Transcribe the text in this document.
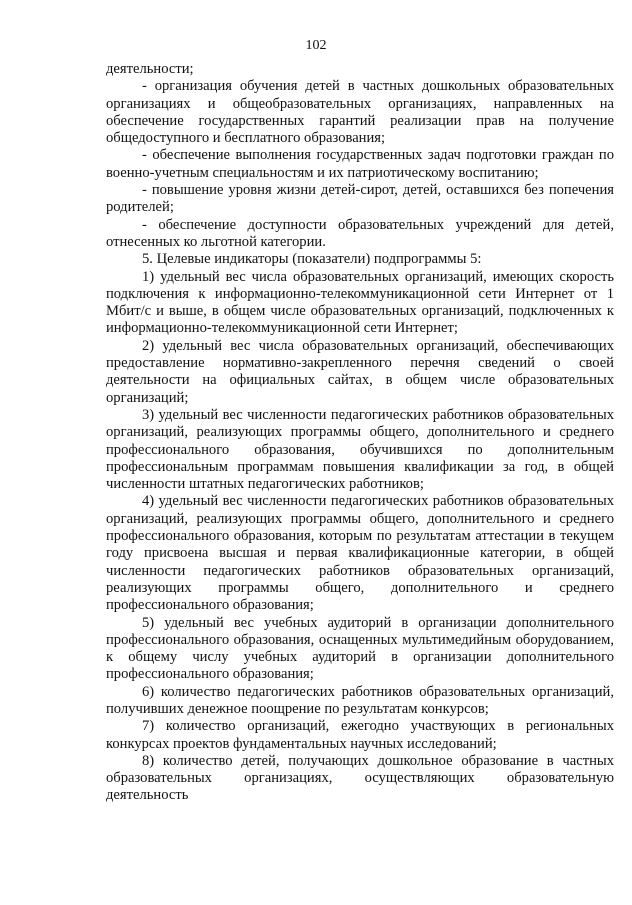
102

деятельности;

- организация обучения детей в частных дошкольных образовательных организациях и общеобразовательных организациях, направленных на обеспечение государственных гарантий реализации прав на получение общедоступного и бесплатного образования;

- обеспечение выполнения государственных задач подготовки граждан по военно-учетным специальностям и их патриотическому воспитанию;

- повышение уровня жизни детей-сирот, детей, оставшихся без попечения родителей;

- обеспечение доступности образовательных учреждений для детей, отнесенных ко льготной категории.

5. Целевые индикаторы (показатели) подпрограммы 5:

1) удельный вес числа образовательных организаций, имеющих скорость подключения к информационно-телекоммуникационной сети Интернет от 1 Мбит/с и выше, в общем числе образовательных организаций, подключенных к информационно-телекоммуникационной сети Интернет;

2) удельный вес числа образовательных организаций, обеспечивающих предоставление нормативно-закрепленного перечня сведений о своей деятельности на официальных сайтах, в общем числе образовательных организаций;

3) удельный вес численности педагогических работников образовательных организаций, реализующих программы общего, дополнительного и среднего профессионального образования, обучившихся по дополнительным профессиональным программам повышения квалификации за год, в общей численности штатных педагогических работников;

4) удельный вес численности педагогических работников образовательных организаций, реализующих программы общего, дополнительного и среднего профессионального образования, которым по результатам аттестации в текущем году присвоена высшая и первая квалификационные категории, в общей численности педагогических работников образовательных организаций, реализующих программы общего, дополнительного и среднего профессионального образования;

5) удельный вес учебных аудиторий в организации дополнительного профессионального образования, оснащенных мультимедийным оборудованием, к общему числу учебных аудиторий в организации дополнительного профессионального образования;

6) количество педагогических работников образовательных организаций, получивших денежное поощрение по результатам конкурсов;

7) количество организаций, ежегодно участвующих в региональных конкурсах проектов фундаментальных научных исследований;

8) количество детей, получающих дошкольное образование в частных образовательных организациях, осуществляющих образовательную деятельность
